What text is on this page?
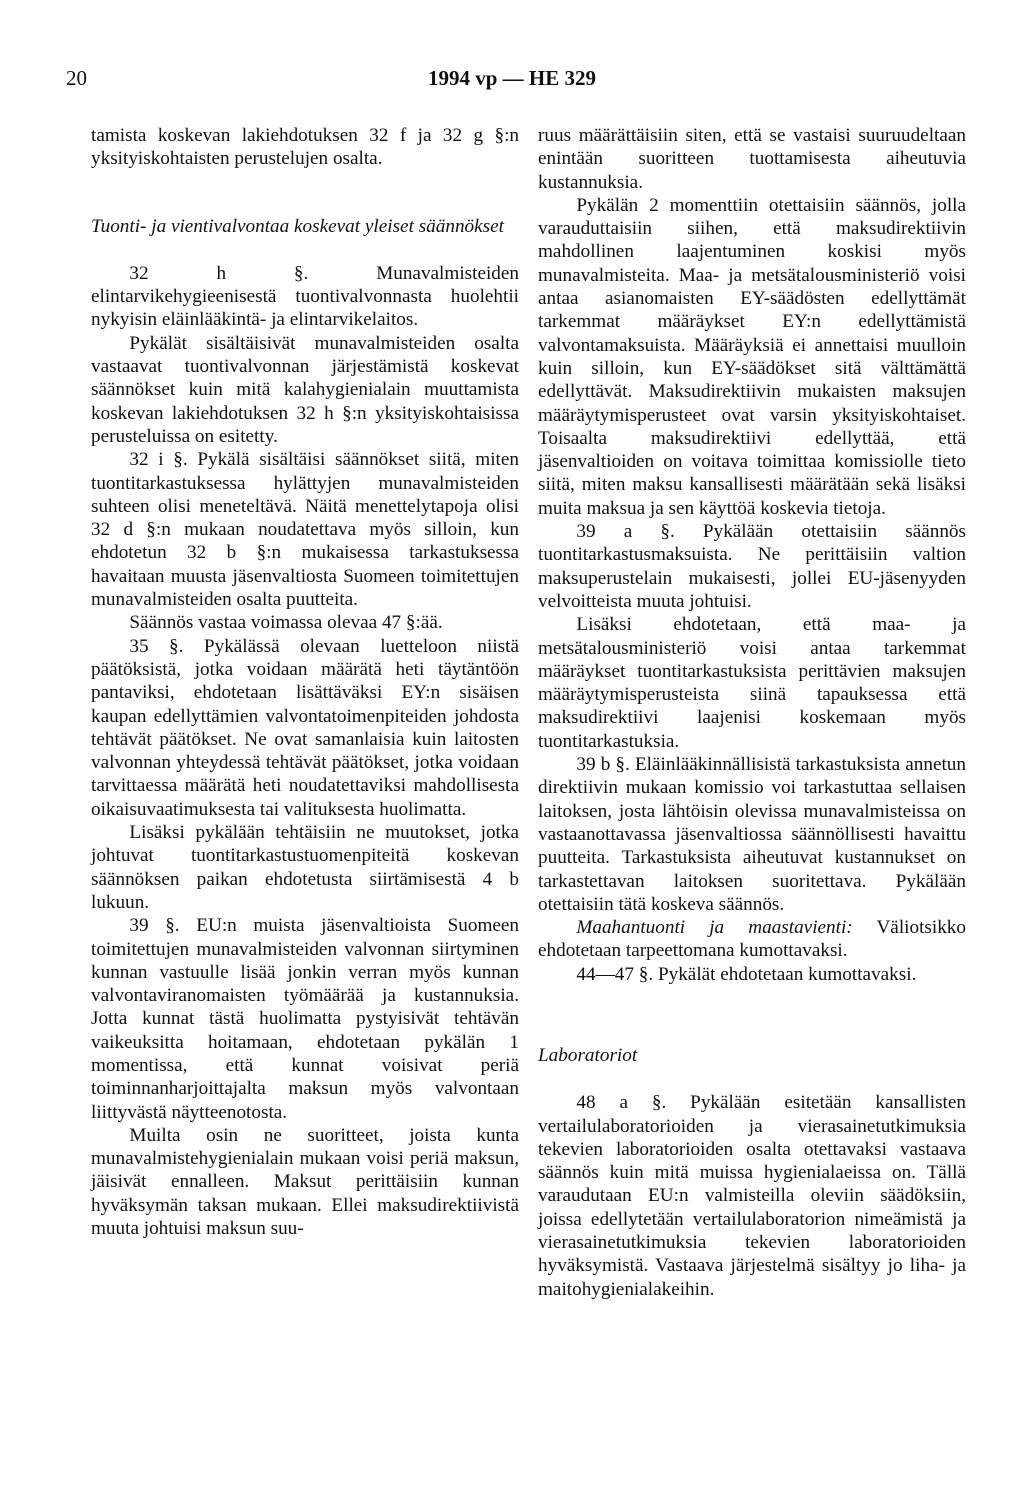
20	1994 vp — HE 329

tamista koskevan lakiehdotuksen 32 f ja 32 g §:n yksityiskohtaisten perustelujen osalta.

Tuonti- ja vientivalvontaa koskevat yleiset säännökset

32 h §. Munavalmisteiden elintarvikehygieenisestä tuontivalvonnasta huolehtii nykyisin eläinlääkintä- ja elintarvikelaitos.

Pykälät sisältäisivät munavalmisteiden osalta vastaavat tuontivalvonnan järjestämistä koskevat säännökset kuin mitä kalahygienialain muuttamista koskevan lakiehdotuksen 32 h §:n yksityiskohtaisissa perusteluissa on esitetty.

32 i §. Pykälä sisältäisi säännökset siitä, miten tuontitarkastuksessa hylättyjen munavalmisteiden suhteen olisi meneteltävä. Näitä menettelytapoja olisi 32 d §:n mukaan noudatettava myös silloin, kun ehdotetun 32 b §:n mukaisessa tarkastuksessa havaitaan muusta jäsenvaltiosta Suomeen toimitettujen munavalmisteiden osalta puutteita.

Säännös vastaa voimassa olevaa 47 §:ää.

35 §. Pykälässä olevaan luetteloon niistä päätöksistä, jotka voidaan määrätä heti täytäntöön pantaviksi, ehdotetaan lisättäväksi EY:n sisäisen kaupan edellyttämien valvontatoimenpiteiden johdosta tehtävät päätökset. Ne ovat samanlaisia kuin laitosten valvonnan yhteydessä tehtävät päätökset, jotka voidaan tarvittaessa määrätä heti noudatettaviksi mahdollisesta oikaisuvaatimuksesta tai valituksesta huolimatta.

Lisäksi pykälään tehtäisiin ne muutokset, jotka johtuvat tuontitarkastustuomenpiteitä koskevan säännöksen paikan ehdotetusta siirtämisestä 4 b lukuun.

39 §. EU:n muista jäsenvaltioista Suomeen toimitettujen munavalmisteiden valvonnan siirtyminen kunnan vastuulle lisää jonkin verran myös kunnan valvontaviranomaisten työmäärää ja kustannuksia. Jotta kunnat tästä huolimatta pystyisivät tehtävän vaikeuksitta hoitamaan, ehdotetaan pykälän 1 momentissa, että kunnat voisivat periä toiminnanharjoittajalta maksun myös valvontaan liittyvästä näytteenotosta.

Muilta osin ne suoritteet, joista kunta munavalmistehygienialain mukaan voisi periä maksun, jäisivät ennalleen. Maksut perittäisiin kunnan hyväksymän taksan mukaan. Ellei maksudirektiivistä muuta johtuisi maksun suu-

ruus määrättäisiin siten, että se vastaisi suuruudeltaan enintään suoritteen tuottamisesta aiheutuvia kustannuksia.

Pykälän 2 momenttiin otettaisiin säännös, jolla varauduttaisiin siihen, että maksudirektiivin mahdollinen laajentuminen koskisi myös munavalmisteita. Maa- ja metsätalousministeriö voisi antaa asianomaisten EY-säädösten edellyttämät tarkemmat määräykset EY:n edellyttämistä valvontamaksuista. Määräyksiä ei annettaisi muulloin kuin silloin, kun EY-säädökset sitä välttämättä edellyttävät. Maksudirektiivin mukaisten maksujen määräytymisperusteet ovat varsin yksityiskohtaiset. Toisaalta maksudirektiivi edellyttää, että jäsenvaltioiden on voitava toimittaa komissiolle tieto siitä, miten maksu kansallisesti määrätään sekä lisäksi muita maksua ja sen käyttöä koskevia tietoja.

39 a §. Pykälään otettaisiin säännös tuontitarkastusmaksuista. Ne perittäisiin valtion maksuperustelain mukaisesti, jollei EU-jäsenyyden velvoitteista muuta johtuisi.

Lisäksi ehdotetaan, että maa- ja metsätalousministeriö voisi antaa tarkemmat määräykset tuontitarkastuksista perittävien maksujen määräytymisperusteista siinä tapauksessa että maksudirektiivi laajenisi koskemaan myös tuontitarkastuksia.

39 b §. Eläinlääkinnällisistä tarkastuksista annetun direktiivin mukaan komissio voi tarkastuttaa sellaisen laitoksen, josta lähtöisin olevissa munavalmisteissa on vastaanottavassa jäsenvaltiossa säännöllisesti havaittu puutteita. Tarkastuksista aiheutuvat kustannukset on tarkastettavan laitoksen suoritettava. Pykälään otettaisiin tätä koskeva säännös.

Maahantuonti ja maastavienti: Väliotsikko ehdotetaan tarpeettomana kumottavaksi.

44—47 §. Pykälät ehdotetaan kumottavaksi.

Laboratoriot

48 a §. Pykälään esitetään kansallisten vertailulaboratorioiden ja vierasainetutkimuksia tekevien laboratorioiden osalta otettavaksi vastaava säännös kuin mitä muissa hygienialaeissa on. Tällä varaudutaan EU:n valmisteilla oleviin säädöksiin, joissa edellytetään vertailulaboratorion nimeämistä ja vierasainetutkimuksia tekevien laboratorioiden hyväksymistä. Vastaava järjestelmä sisältyy jo liha- ja maitohygienialakeihin.
